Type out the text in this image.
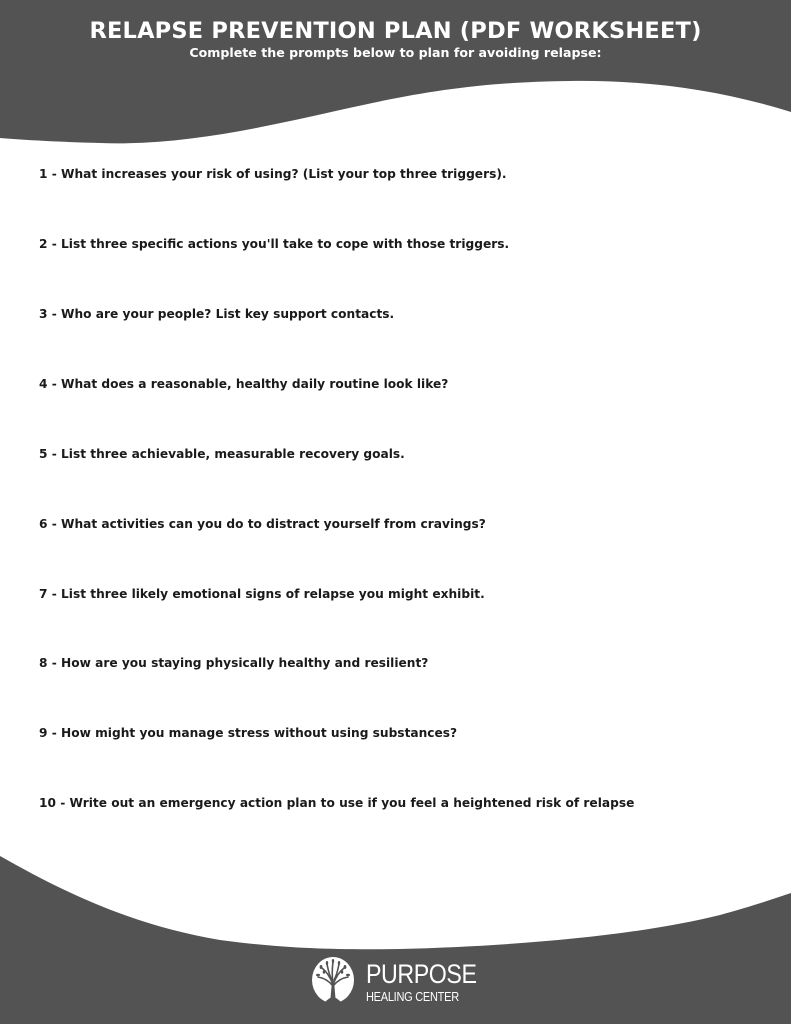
RELAPSE PREVENTION PLAN (PDF WORKSHEET)
Complete the prompts below to plan for avoiding relapse:
1 - What increases your risk of using? (List your top three triggers).
2 - List three specific actions you'll take to cope with those triggers.
3 - Who are your people? List key support contacts.
4 - What does a reasonable, healthy daily routine look like?
5 - List three achievable, measurable recovery goals.
6 - What activities can you do to distract yourself from cravings?
7 - List three likely emotional signs of relapse you might exhibit.
8 - How are you staying physically healthy and resilient?
9 - How might you manage stress without using substances?
10 - Write out an emergency action plan to use if you feel a heightened risk of relapse
PURPOSE
HEALING CENTER
